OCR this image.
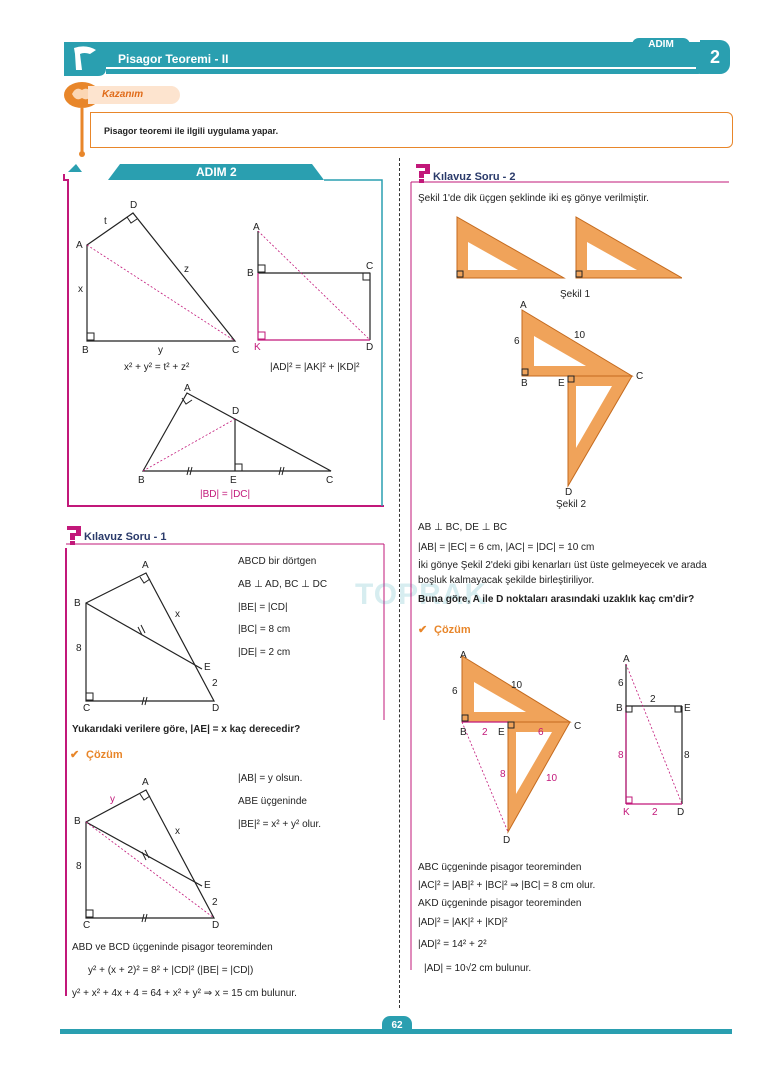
Pisagor Teoremi - II
ADIM
2
Kazanım
Pisagor teoremi ile ilgili uygulama yapar.
ADIM 2
D
t
A
z
x
B	y	C
x² + y² = t² + z²
A
B
C
K	D
|AD|² = |AK|² + |KD|²
A
D
B	E	C
|BD| = |DC|
Kılavuz Soru - 1
A
B
x
8
E
2
C	D
ABCD bir dörtgen
AB ⊥ AD, BC ⊥ DC
|BE| = |CD|
|BC| = 8 cm
|DE| = 2 cm
Yukarıdaki verilere göre, |AE| = x kaç derecedir?
✔ Çözüm
A
y
B
x
8
E
2
C	D
|AB| = y olsun.
ABE üçgeninde
|BE|² = x² + y² olur.
ABD ve BCD üçgeninde pisagor teoreminden
y² + (x + 2)² = 8² + |CD|² (|BE| = |CD|)
y² + x² + 4x + 4 = 64 + x² + y² ⇒ x = 15 cm bulunur.
TOPRAK
Kılavuz Soru - 2
Şekil 1'de dik üçgen şeklinde iki eş gönye verilmiştir.
Şekil 1
A
6
10
B	E
C
D
Şekil 2
AB ⊥ BC, DE ⊥ BC
|AB| = |EC| = 6 cm, |AC| = |DC| = 10 cm
İki gönye Şekil 2'deki gibi kenarları üst üste gelmeyecek ve arada
boşluk kalmayacak şekilde birleştiriliyor.
Buna göre, A ile D noktaları arasındaki uzaklık kaç cm'dir?
✔ Çözüm
A
6
10
B 2 E	6
C
8	10
D
A
6
2
B	E
8	8
K 2 D
ABC üçgeninde pisagor teoreminden
|AC|² = |AB|² + |BC|² ⇒ |BC| = 8 cm olur.
AKD üçgeninde pisagor teoreminden
|AD|² = |AK|² + |KD|²
|AD|² = 14² + 2²
|AD| = 10√2 cm bulunur.
62
